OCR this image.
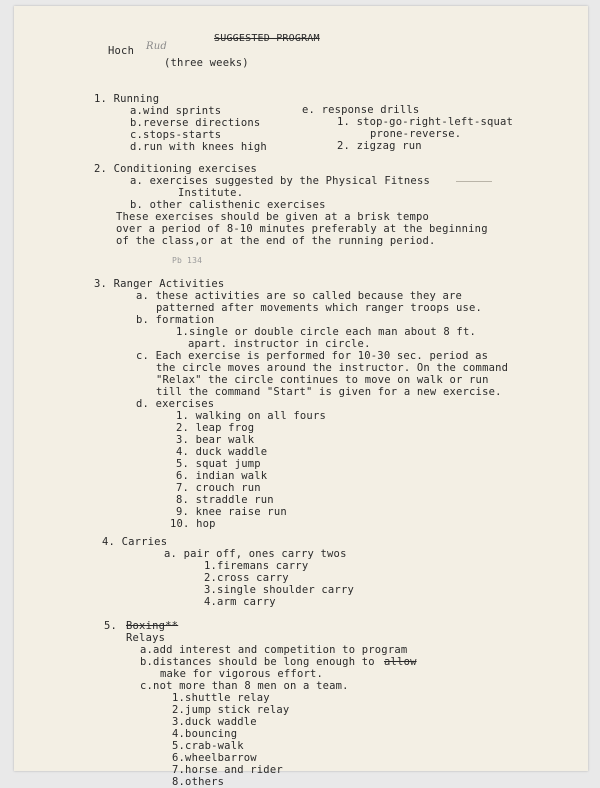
SUGGESTED PROGRAM
Hoch Rud
(three weeks)
1. Running
a.wind sprints
b.reverse directions
c.stops-starts
d.run with knees high
e. response drills
1. stop-go-right-left-squat
prone-reverse.
2. zigzag run
2. Conditioning exercises
a. exercises suggested by the Physical Fitness
Institute.
b. other calisthenic exercises
These exercises should be given at a brisk tempo
over a period of 8-10 minutes preferably at the beginning
of the class,or at the end of the running period.
Pb 134
3. Ranger Activities
a. these activities are so called because they are
patterned after movements which ranger troops use.
b. formation
1.single or double circle each man about 8 ft.
apart. instructor in circle.
c. Each exercise is performed for 10-30 sec. period as
the circle moves around the instructor. On the command
"Relax" the circle continues to move on walk or run
till the command "Start" is given for a new exercise.
d. exercises
1. walking on all fours
2. leap frog
3. bear walk
4. duck waddle
5. squat jump
6. indian walk
7. crouch run
8. straddle run
9. knee raise run
10. hop
4. Carries
a. pair off, ones carry twos
1.firemans carry
2.cross carry
3.single shoulder carry
4.arm carry
5. Boxing**
Relays
a.add interest and competition to program
b.distances should be long enough to allow
make for vigorous effort.
c.not more than 8 men on a team.
1.shuttle relay
2.jump stick relay
3.duck waddle
4.bouncing
5.crab-walk
6.wheelbarrow
7.horse and rider
8.others
